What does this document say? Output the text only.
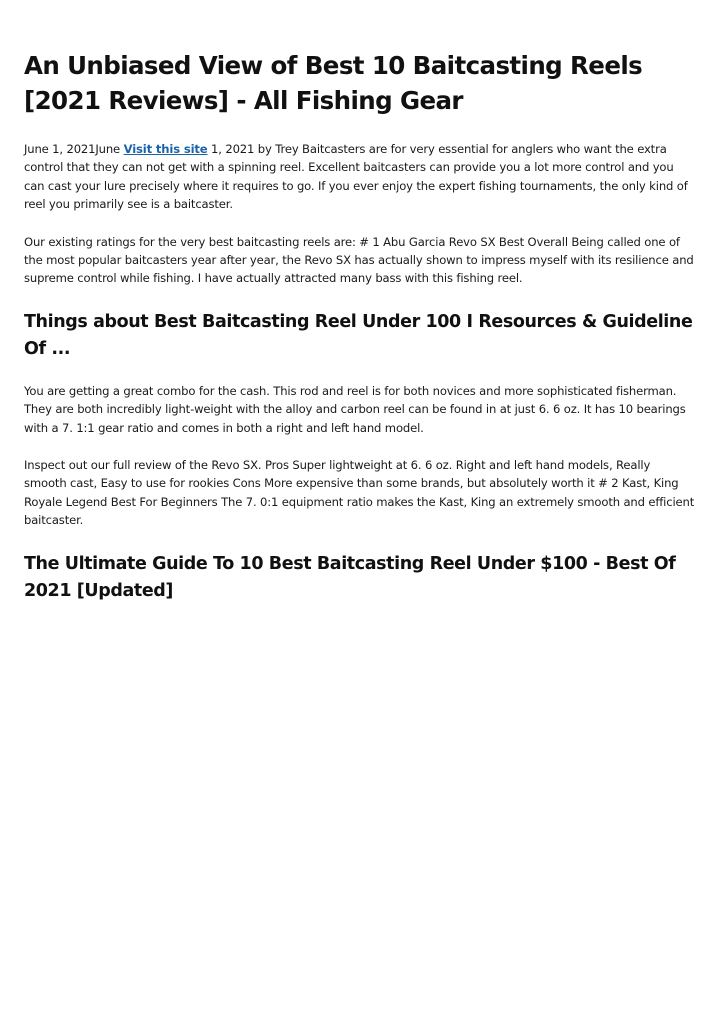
An Unbiased View of Best 10 Baitcasting Reels [2021 Reviews] - All Fishing Gear

June 1, 2021June Visit this site 1, 2021 by Trey Baitcasters are for very essential for anglers who want the extra control that they can not get with a spinning reel. Excellent baitcasters can provide you a lot more control and you can cast your lure precisely where it requires to go. If you ever enjoy the expert fishing tournaments, the only kind of reel you primarily see is a baitcaster.

Our existing ratings for the very best baitcasting reels are: # 1 Abu Garcia Revo SX Best Overall Being called one of the most popular baitcasters year after year, the Revo SX has actually shown to impress myself with its resilience and supreme control while fishing. I have actually attracted many bass with this fishing reel.

Things about Best Baitcasting Reel Under 100 I Resources & Guideline Of ...

You are getting a great combo for the cash. This rod and reel is for both novices and more sophisticated fisherman. They are both incredibly light-weight with the alloy and carbon reel can be found in at just 6. 6 oz. It has 10 bearings with a 7. 1:1 gear ratio and comes in both a right and left hand model.

Inspect out our full review of the Revo SX. Pros Super lightweight at 6. 6 oz. Right and left hand models, Really smooth cast, Easy to use for rookies Cons More expensive than some brands, but absolutely worth it # 2 Kast, King Royale Legend Best For Beginners The 7. 0:1 equipment ratio makes the Kast, King an extremely smooth and efficient baitcaster.

The Ultimate Guide To 10 Best Baitcasting Reel Under $100 - Best Of 2021 [Updated]
